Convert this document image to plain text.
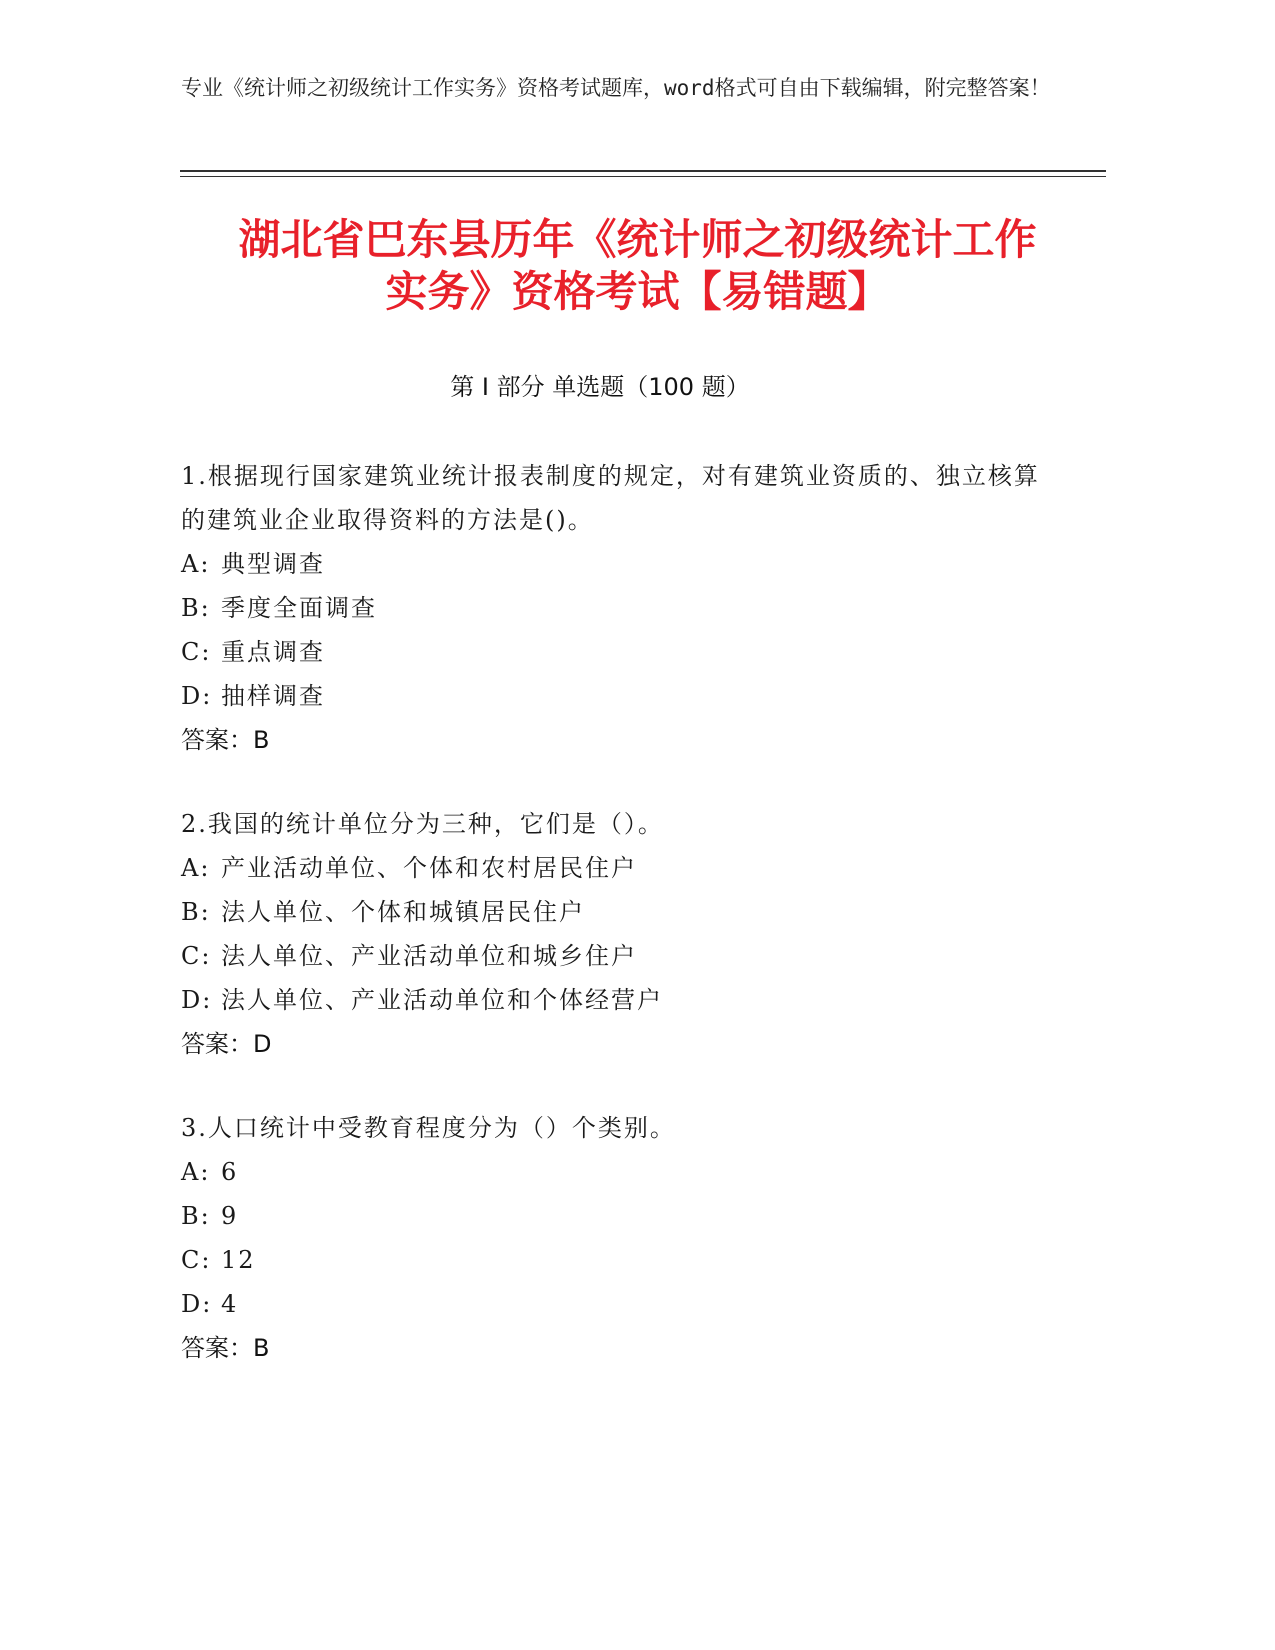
专业《统计师之初级统计工作实务》资格考试题库，word格式可自由下载编辑，附完整答案！
湖北省巴东县历年《统计师之初级统计工作
实务》资格考试【易错题】
第 I 部分 单选题（100 题）

1.根据现行国家建筑业统计报表制度的规定，对有建筑业资质的、独立核算的建筑业企业取得资料的方法是()。

A: 典型调查
B: 季度全面调查
C: 重点调查
D: 抽样调查
答案：B

2.我国的统计单位分为三种，它们是（）。

A: 产业活动单位、个体和农村居民住户
B: 法人单位、个体和城镇居民住户
C: 法人单位、产业活动单位和城乡住户
D: 法人单位、产业活动单位和个体经营户
答案：D

3.人口统计中受教育程度分为（）个类别。

A: 6
B: 9
C: 12
D: 4
答案：B
